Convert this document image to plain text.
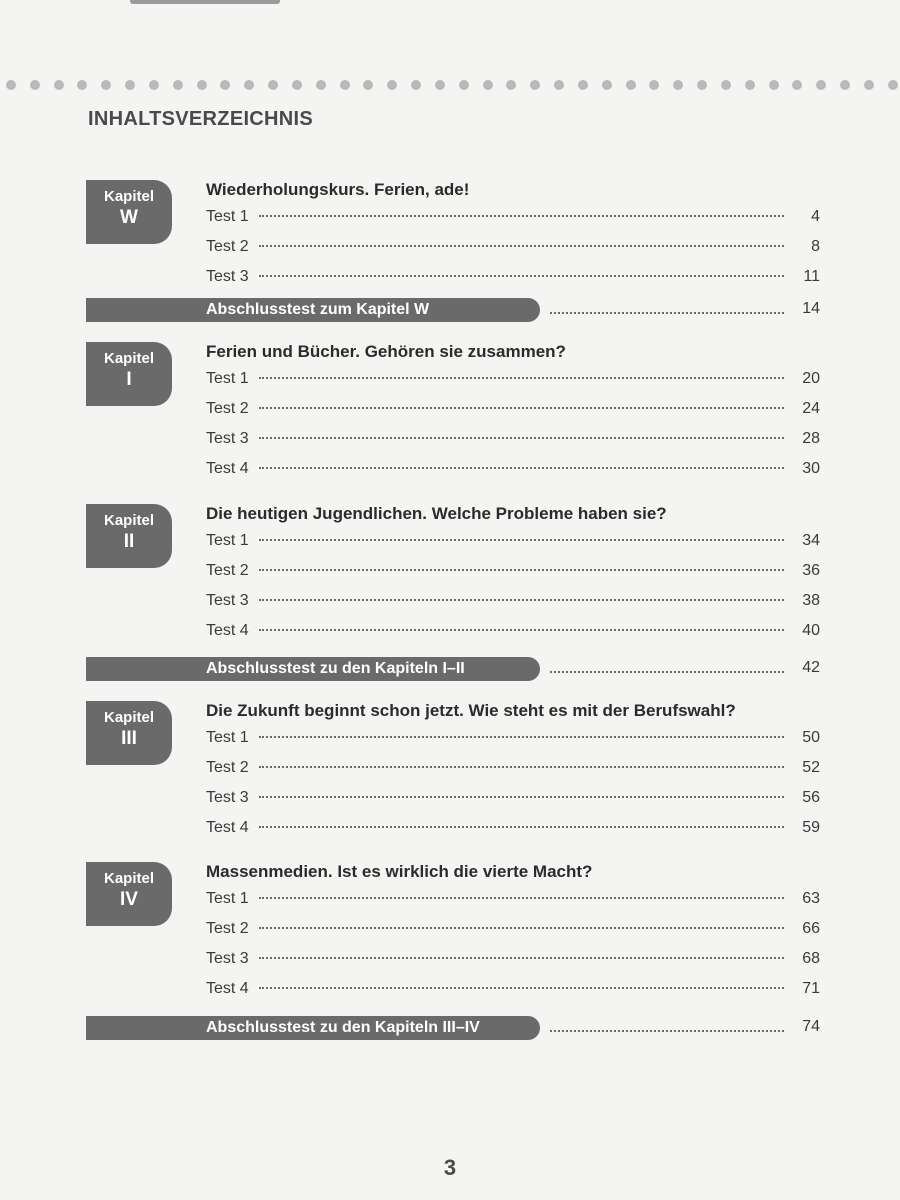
INHALTSVERZEICHNIS
Kapitel
W
Wiederholungskurs. Ferien, ade!
Test 1	4
Test 2	8
Test 3	11
Abschlusstest zum Kapitel W	14
Kapitel
I
Ferien und Bücher. Gehören sie zusammen?
Test 1	20
Test 2	24
Test 3	28
Test 4	30
Kapitel
II
Die heutigen Jugendlichen. Welche Probleme haben sie?
Test 1	34
Test 2	36
Test 3	38
Test 4	40
Abschlusstest zu den Kapiteln I–II	42
Kapitel
III
Die Zukunft beginnt schon jetzt. Wie steht es mit der Berufswahl?
Test 1	50
Test 2	52
Test 3	56
Test 4	59
Kapitel
IV
Massenmedien. Ist es wirklich die vierte Macht?
Test 1	63
Test 2	66
Test 3	68
Test 4	71
Abschlusstest zu den Kapiteln III–IV	74
3
